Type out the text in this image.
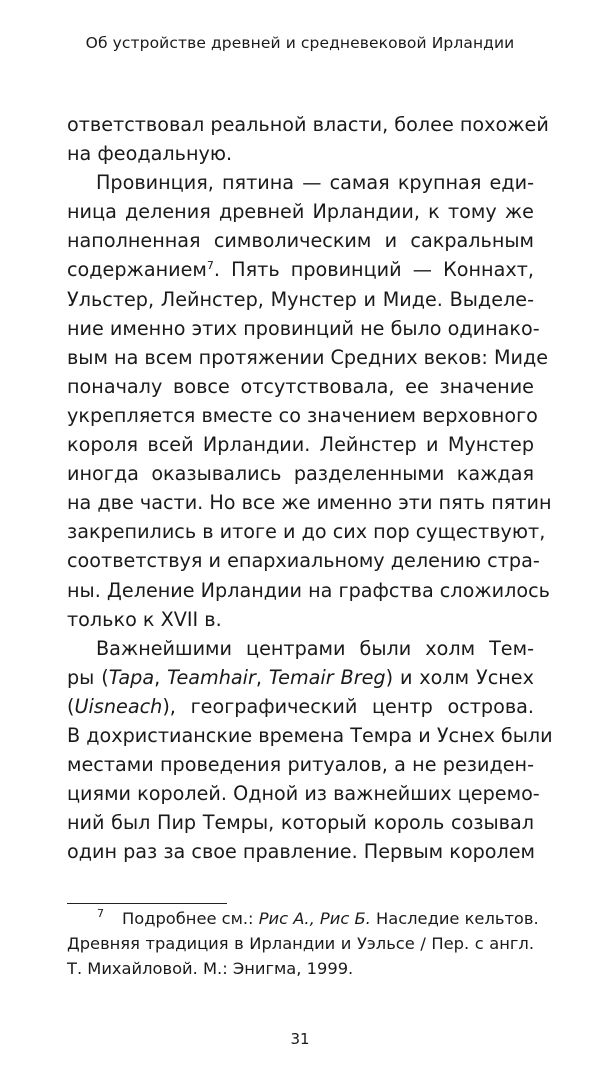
Об устройстве древней и средневековой Ирландии
ответствовал реальной власти, более похожей
на феодальную.
Провинция, пятина — самая крупная еди-
ница деления древней Ирландии, к тому же
наполненная символическим и сакральным
содержанием$^7$. Пять провинций — Коннахт,
Ульстер, Лейнстер, Мунстер и Миде. Выделе-
ние именно этих провинций не было одинако-
вым на всем протяжении Средних веков: Миде
поначалу вовсе отсутствовала, ее значение
укрепляется вместе со значением верховного
короля всей Ирландии. Лейнстер и Мунстер
иногда оказывались разделенными каждая
на две части. Но все же именно эти пять пятин
закрепились в итоге и до сих пор существуют,
соответствуя и епархиальному делению стра-
ны. Деление Ирландии на графства сложилось
только к XVII в.
Важнейшими центрами были холм Тем-
ры (Tapa, Teamhair, Temair Breg) и холм Уснех
(Uisneach), географический центр острова.
В дохристианские времена Темра и Уснех были
местами проведения ритуалов, а не резиден-
циями королей. Одной из важнейших церемо-
ний был Пир Темры, который король созывал
один раз за свое правление. Первым королем
$^7$ Подробнее см.: Рис А., Рис Б. Наследие кельтов.
Древняя традиция в Ирландии и Уэльсе / Пер. с англ.
Т. Михайловой. М.: Энигма, 1999.
31
